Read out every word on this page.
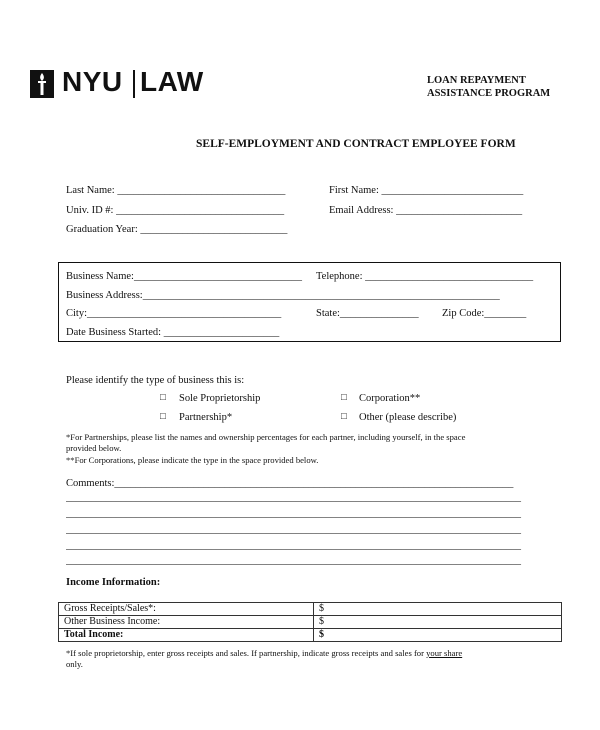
NYU LAW	LOAN REPAYMENT
ASSISTANCE PROGRAM
SELF-EMPLOYMENT AND CONTRACT EMPLOYEE FORM
Last Name: ________________________________	First Name: ___________________________
Univ. ID #: ________________________________	Email Address: ________________________
Graduation Year: ____________________________
Business Name:________________________________ Telephone: ________________________________
Business Address:____________________________________________________________________
City:_____________________________________	State:_______________ Zip Code:________
Date Business Started: ______________________
Please identify the type of business this is:
□ Sole Proprietorship	□ Corporation**
□ Partnership*	□ Other (please describe)
*For Partnerships, please list the names and ownership percentages for each partner, including yourself, in the space
provided below.
**For Corporations, please indicate the type in the space provided below.
Comments:____________________________________________________________________________
___________________________________________________________________________________________
___________________________________________________________________________________________
___________________________________________________________________________________________
___________________________________________________________________________________________
___________________________________________________________________________________________
Income Information:
Gross Receipts/Sales*:	$
Other Business Income:	$
Total Income:	$
*If sole proprietorship, enter gross receipts and sales. If partnership, indicate gross receipts and sales for your share
only.
